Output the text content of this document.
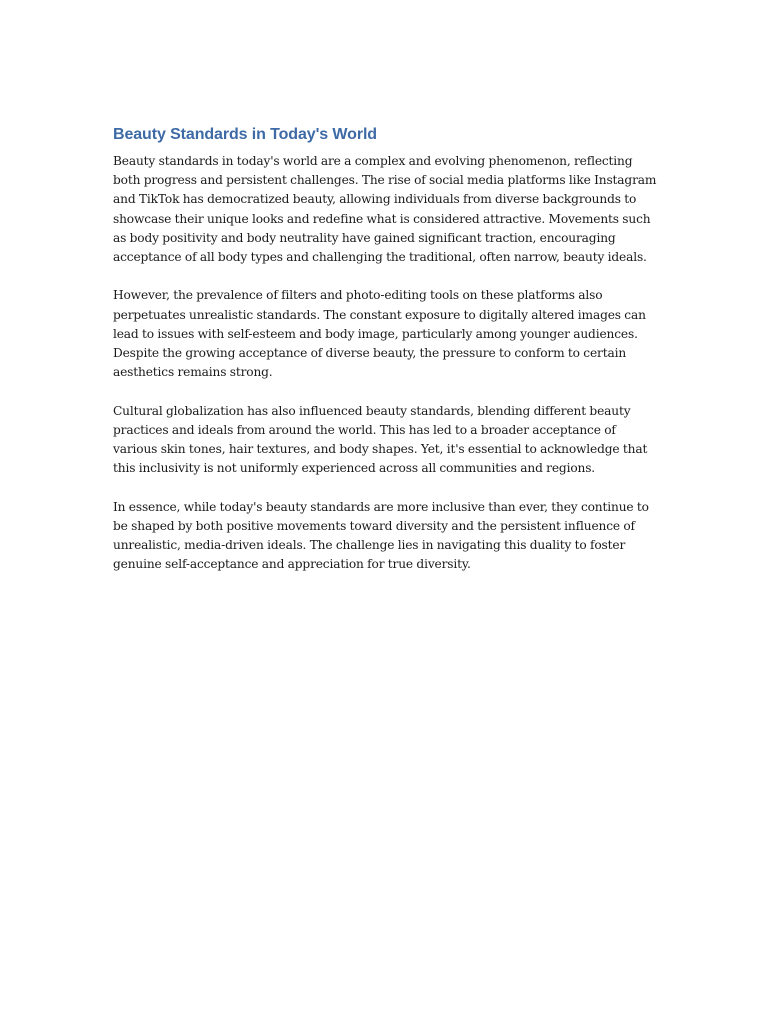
Beauty Standards in Today's World

Beauty standards in today's world are a complex and evolving phenomenon, reflecting both progress and persistent challenges. The rise of social media platforms like Instagram and TikTok has democratized beauty, allowing individuals from diverse backgrounds to showcase their unique looks and redefine what is considered attractive. Movements such as body positivity and body neutrality have gained significant traction, encouraging acceptance of all body types and challenging the traditional, often narrow, beauty ideals.

However, the prevalence of filters and photo-editing tools on these platforms also perpetuates unrealistic standards. The constant exposure to digitally altered images can lead to issues with self-esteem and body image, particularly among younger audiences. Despite the growing acceptance of diverse beauty, the pressure to conform to certain aesthetics remains strong.

Cultural globalization has also influenced beauty standards, blending different beauty practices and ideals from around the world. This has led to a broader acceptance of various skin tones, hair textures, and body shapes. Yet, it's essential to acknowledge that this inclusivity is not uniformly experienced across all communities and regions.

In essence, while today's beauty standards are more inclusive than ever, they continue to be shaped by both positive movements toward diversity and the persistent influence of unrealistic, media-driven ideals. The challenge lies in navigating this duality to foster genuine self-acceptance and appreciation for true diversity.
